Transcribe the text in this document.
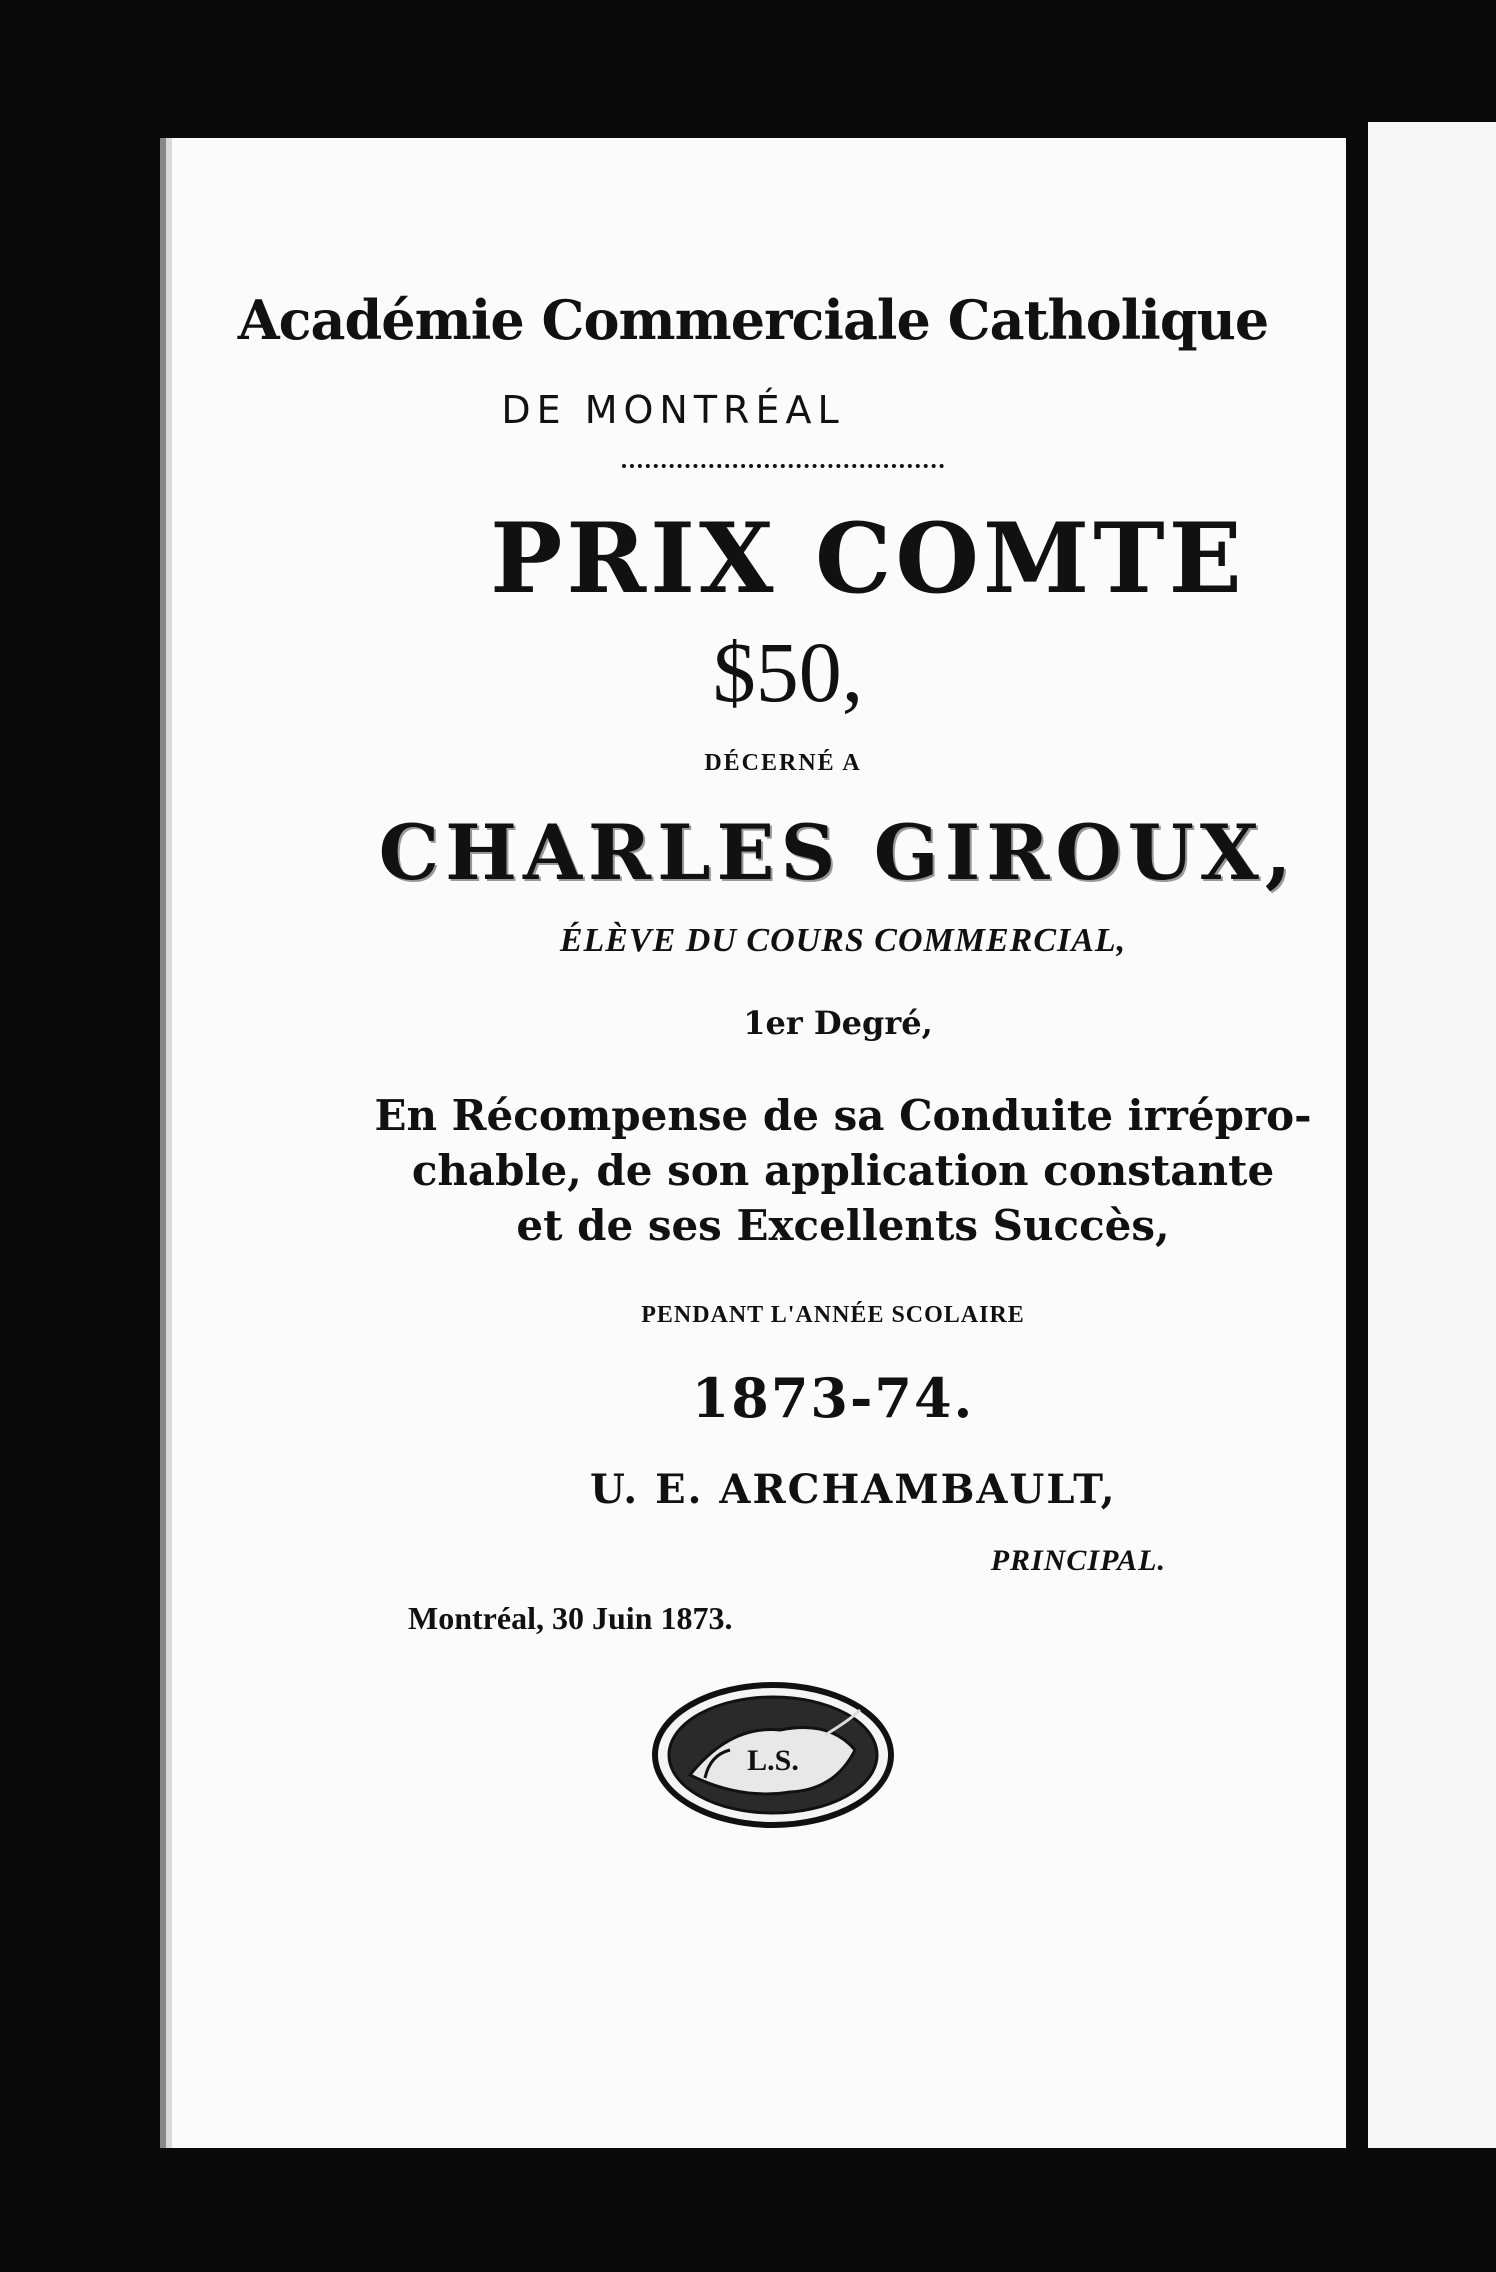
Académie Commerciale Catholique
DE MONTRÉAL
PRIX COMTE
$50,
DÉCERNÉ A
CHARLES GIROUX,
ÉLÈVE DU COURS COMMERCIAL,
1er Degré,
En Récompense de sa Conduite irrépro-
chable, de son application constante
et de ses Excellents Succès,
PENDANT L'ANNÉE SCOLAIRE
1873-74.
U. E. ARCHAMBAULT,
PRINCIPAL.
Montréal, 30 Juin 1873.
L.S.
